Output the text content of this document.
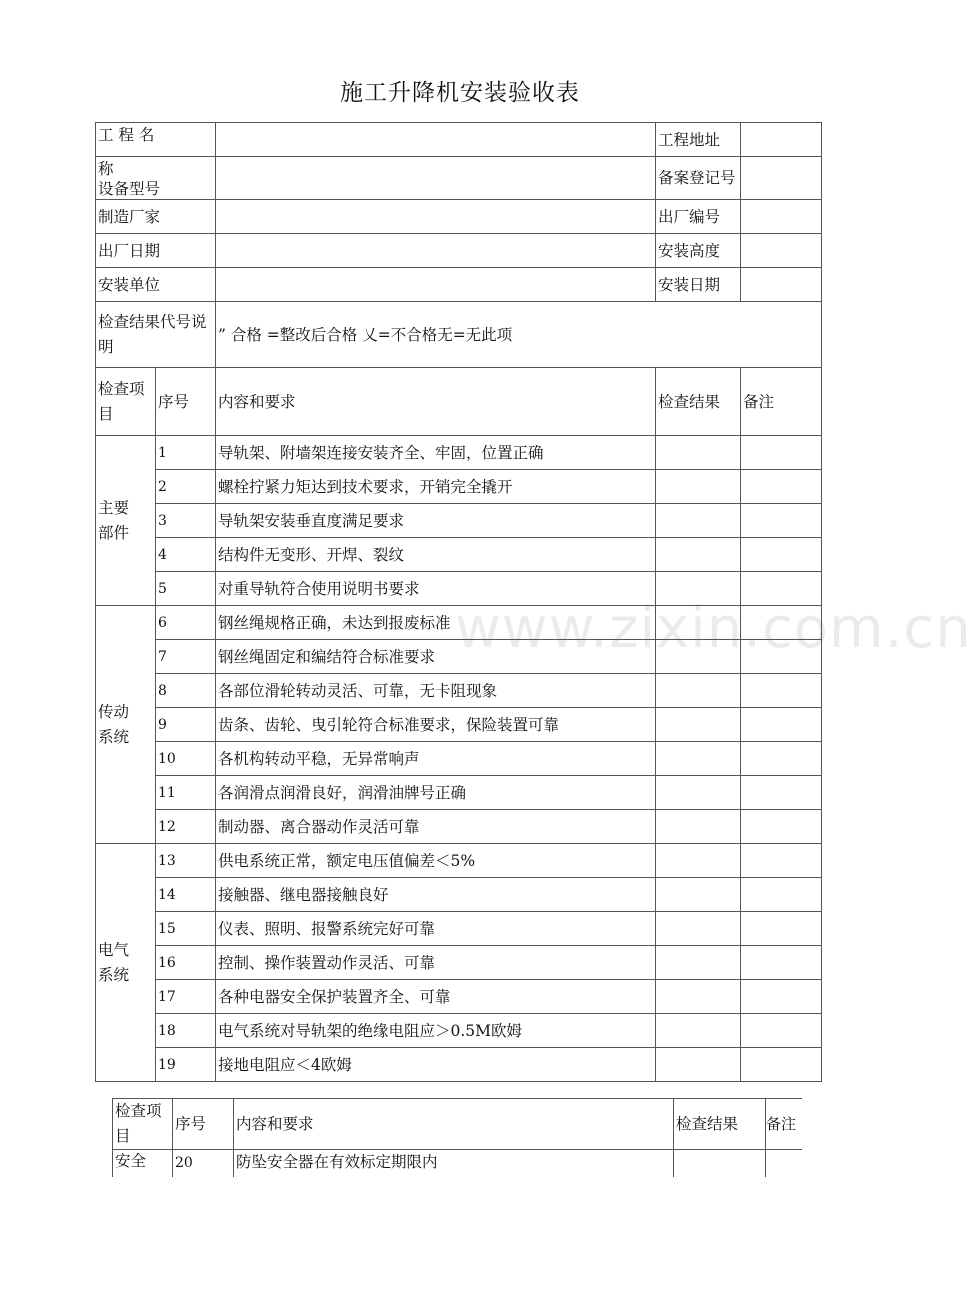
施工升降机安装验收表
www.zixin.com.cn
工 程 名			工程地址	

称
设备型号			备案登记号	
制造厂家			出厂编号	
出厂日期			安装高度	
安装单位			安装日期	
检查结果代号说明		” 合格 =整改后合格 乂=不合格无=无此项		
检查项目	序号	内容和要求	检查结果	备注
主要部件	1	导轨架、附墙架连接安装齐全、牢固，位置正确		
	2	螺栓拧紧力矩达到技术要求，开销完全撬开		
	3	导轨架安装垂直度满足要求		
	4	结构件无变形、开焊、裂纹		
	5	对重导轨符合使用说明书要求		
传动系统	6	钢丝绳规格正确，未达到报废标准		
	7	钢丝绳固定和编结符合标准要求		
	8	各部位滑轮转动灵活、可靠，无卡阻现象		
	9	齿条、齿轮、曳引轮符合标准要求，保险装置可靠		
	10	各机构转动平稳，无异常响声		
	11	各润滑点润滑良好，润滑油牌号正确		
	12	制动器、离合器动作灵活可靠		
电气系统	13	供电系统正常，额定电压值偏差＜5%		
	14	接触器、继电器接触良好		
	15	仪表、照明、报警系统完好可靠		
	16	控制、操作装置动作灵活、可靠		
	17	各种电器安全保护装置齐全、可靠		
	18	电气系统对导轨架的绝缘电阻应＞0.5M欧姆		
	19	接地电阻应＜4欧姆		
检查项目	序号	内容和要求	检查结果	备注
安全	20	防坠安全器在有效标定期限内		
